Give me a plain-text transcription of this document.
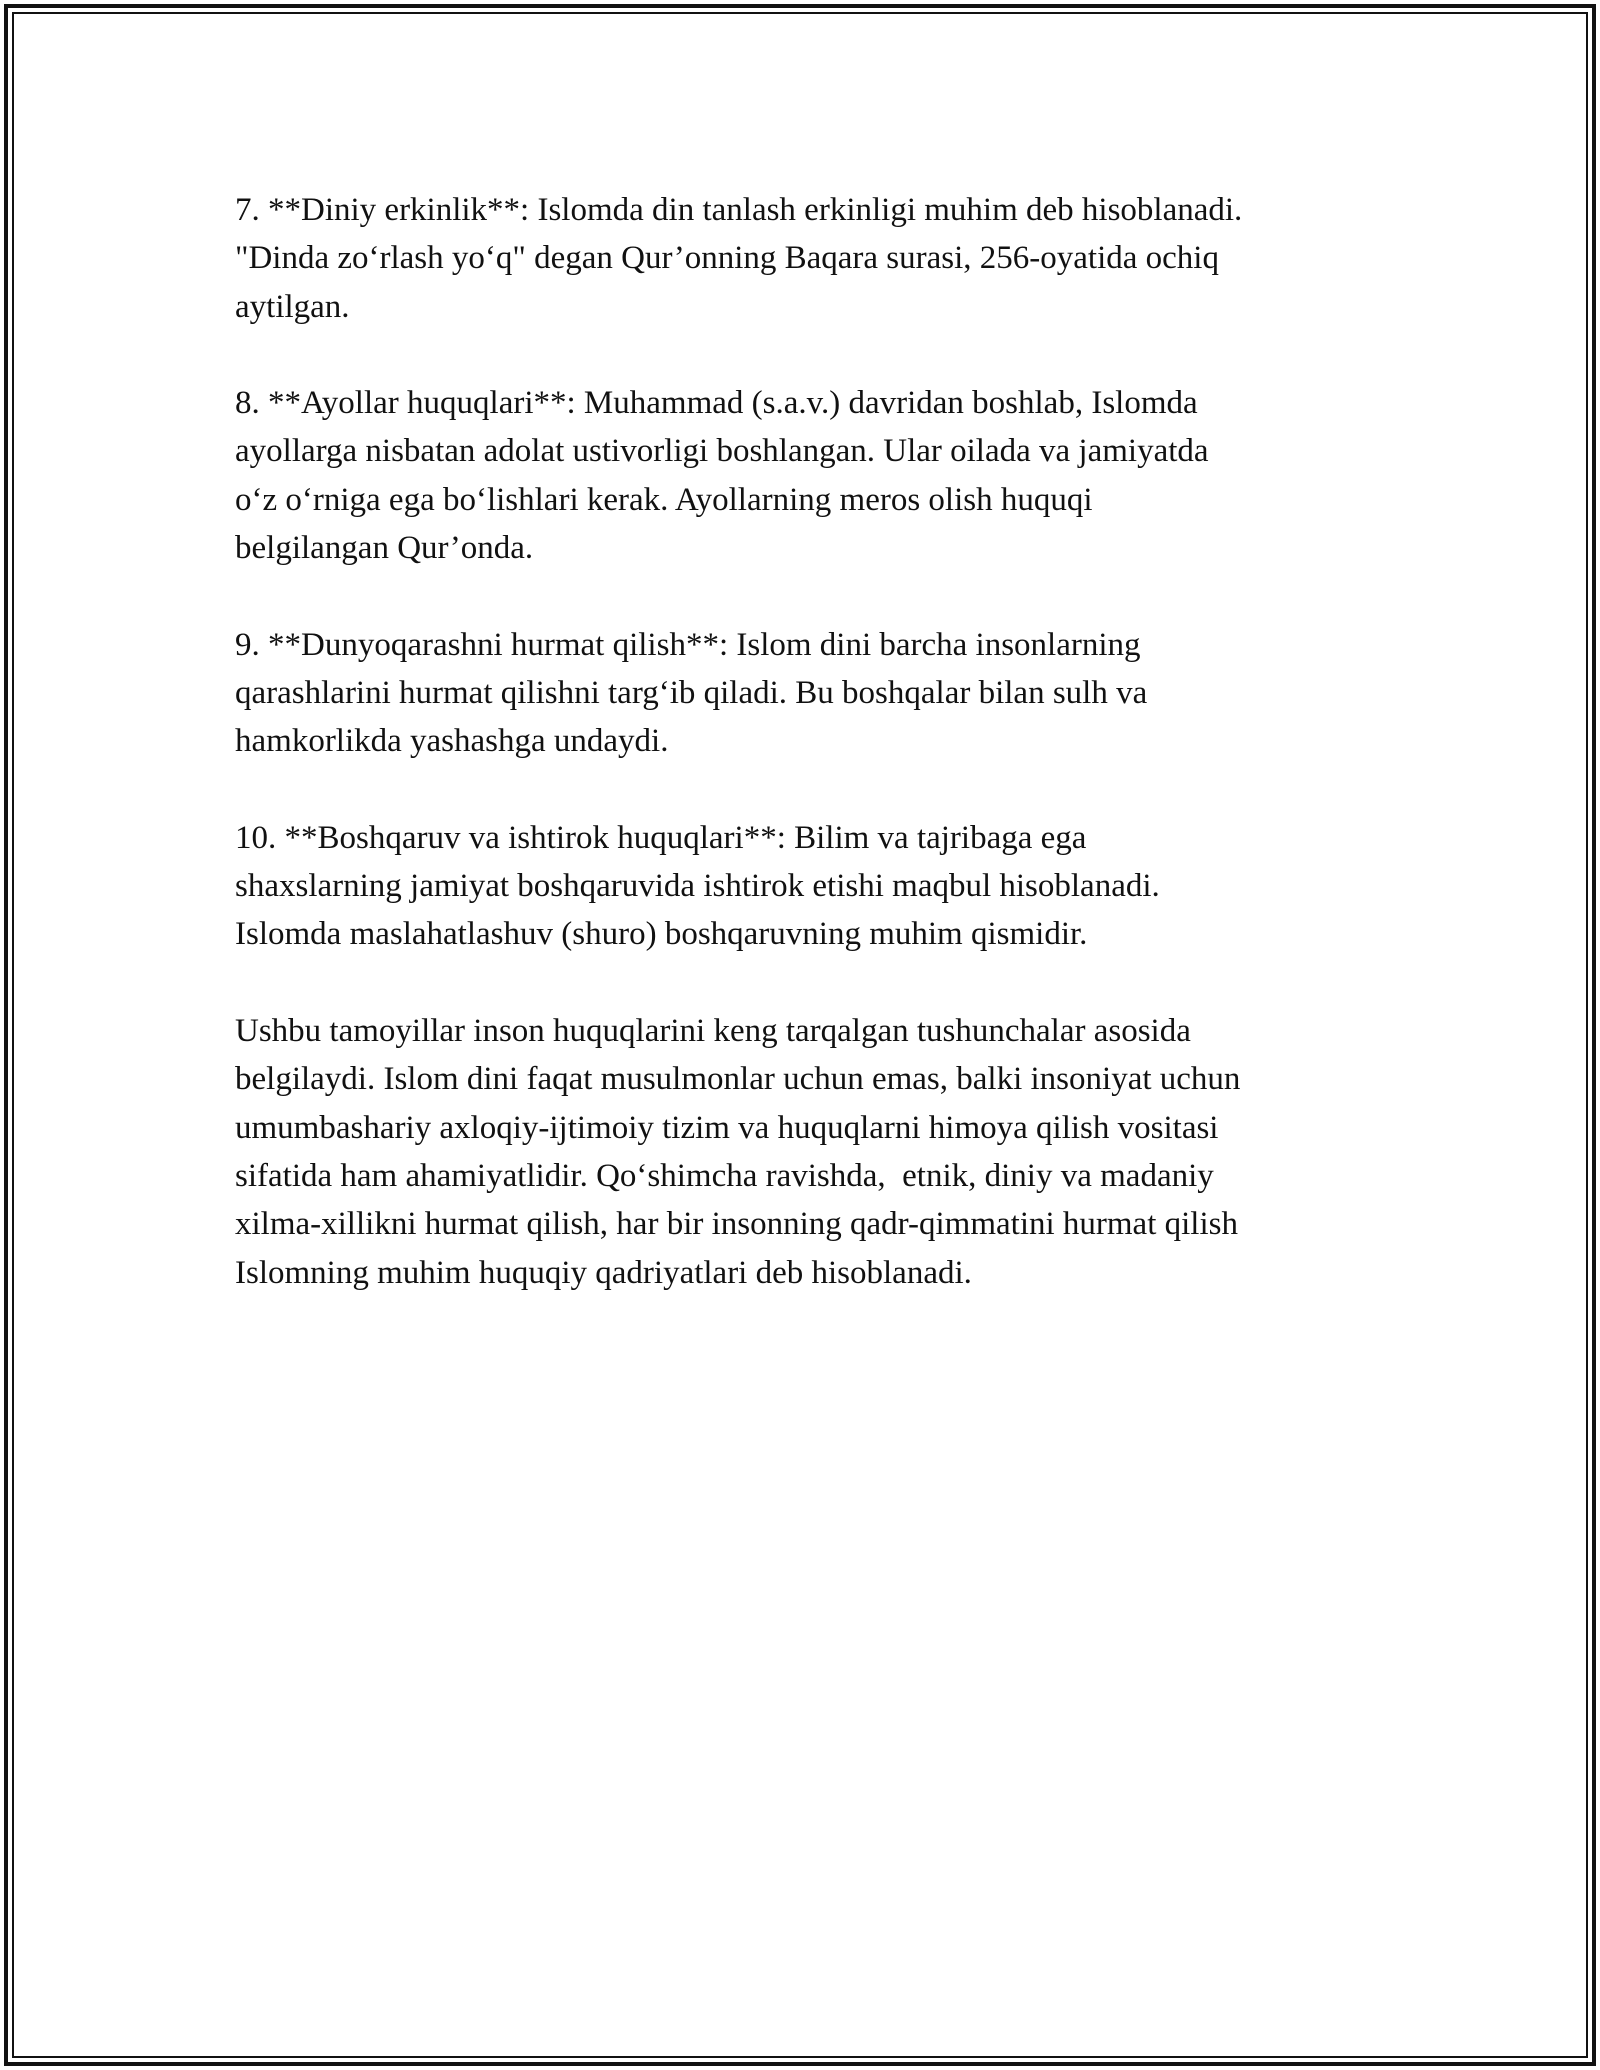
7. **Diniy erkinlik**: Islomda din tanlash erkinligi muhim deb hisoblanadi.
"Dinda zo‘rlash yo‘q" degan Qur’onning Baqara surasi, 256-oyatida ochiq
aytilgan.

8. **Ayollar huquqlari**: Muhammad (s.a.v.) davridan boshlab, Islomda
ayollarga nisbatan adolat ustivorligi boshlangan. Ular oilada va jamiyatda
o‘z o‘rniga ega bo‘lishlari kerak. Ayollarning meros olish huquqi
belgilangan Qur’onda.

9. **Dunyoqarashni hurmat qilish**: Islom dini barcha insonlarning
qarashlarini hurmat qilishni targ‘ib qiladi. Bu boshqalar bilan sulh va
hamkorlikda yashashga undaydi.

10. **Boshqaruv va ishtirok huquqlari**: Bilim va tajribaga ega
shaxslarning jamiyat boshqaruvida ishtirok etishi maqbul hisoblanadi.
Islomda maslahatlashuv (shuro) boshqaruvning muhim qismidir.

Ushbu tamoyillar inson huquqlarini keng tarqalgan tushunchalar asosida
belgilaydi. Islom dini faqat musulmonlar uchun emas, balki insoniyat uchun
umumbashariy axloqiy-ijtimoiy tizim va huquqlarni himoya qilish vositasi
sifatida ham ahamiyatlidir. Qo‘shimcha ravishda,  etnik, diniy va madaniy
xilma-xillikni hurmat qilish, har bir insonning qadr-qimmatini hurmat qilish
Islomning muhim huquqiy qadriyatlari deb hisoblanadi.
